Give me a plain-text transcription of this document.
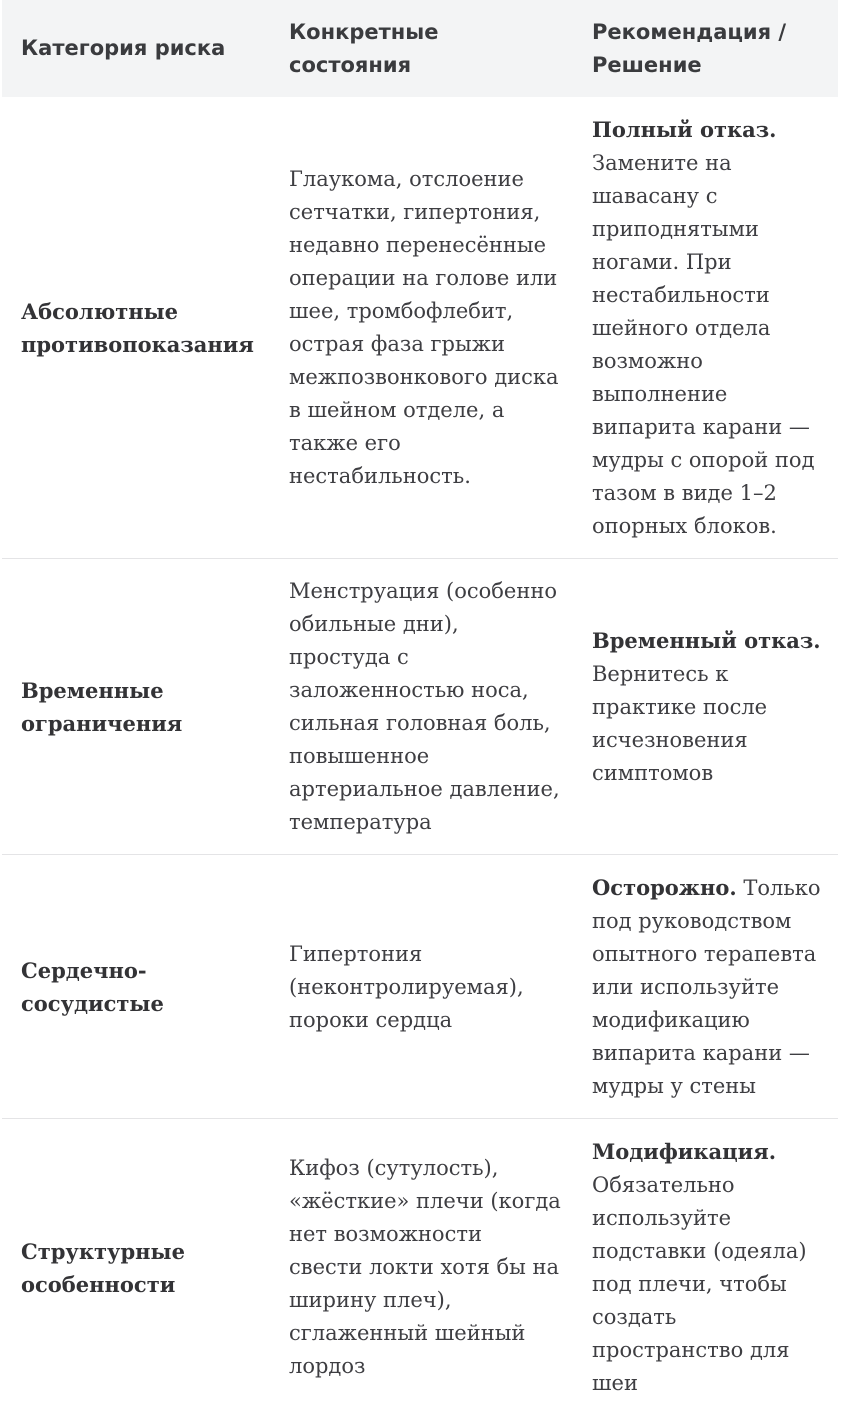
Категория риска	Конкретные состояния	Рекомендация / Решение
Абсолютные противопоказания	Глаукома, отслоение сетчатки, гипертония, недавно перенесённые операции на голове или шее, тромбофлебит, острая фаза грыжи межпозвонкового диска в шейном отделе, а также его нестабильность.	Полный отказ. Замените на шавасану с приподнятыми ногами. При нестабильности шейного отдела возможно выполнение випарита карани — мудры с опорой под тазом в виде 1–2 опорных блоков.
Временные ограничения	Менструация (особенно обильные дни), простуда с заложенностью носа, сильная головная боль, повышенное артериальное давление, температура	Временный отказ. Вернитесь к практике после исчезновения симптомов
Сердечно-сосудистые	Гипертония (неконтролируемая), пороки сердца	Осторожно. Только под руководством опытного терапевта или используйте модификацию випарита карани — мудры у стены
Структурные особенности	Кифоз (сутулость), «жёсткие» плечи (когда нет возможности свести локти хотя бы на ширину плеч), сглаженный шейный лордоз	Модификация. Обязательно используйте подставки (одеяла) под плечи, чтобы создать пространство для шеи
